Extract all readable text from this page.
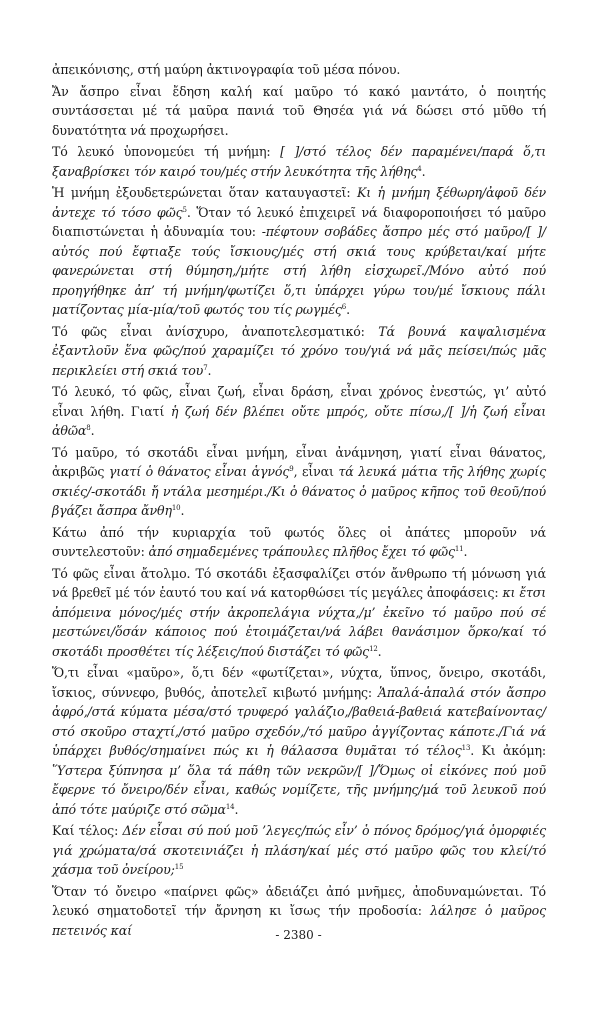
ἀπεικόνισης, στή μαύρη ἀκτινογραφία τοῦ μέσα πόνου.

Ἄν ἄσπρο εἶναι ἔδηση καλή καί μαῦρο τό κακό μαντάτο, ὁ ποιητής συντάσσεται μέ τά μαῦρα πανιά τοῦ Θησέα γιά νά δώσει στό μῦθο τή δυνατότητα νά προχωρήσει.

Τό λευκό ὑπονομεύει τή μνήμη: [ ]/στό τέλος δέν παραμένει/παρά ὅ,τι ξαναβρίσκει τόν καιρό του/μές στήν λευκότητα τῆς λήθης$^4$.

Ἡ μνήμη ἐξουδετερώνεται ὅταν καταυγαστεῖ: Κι ἡ μνήμη ξέθωρη/ἀφοῦ δέν ἀντεχε τό τόσο φῶς$^5$. Ὅταν τό λευκό ἐπιχειρεῖ νά διαφοροποιήσει τό μαῦρο διαπιστώνεται ἡ ἀδυναμία του: -πέφτουν σοβάδες ἄσπρο μές στό μαῦρο/[ ]/αὐτός πού ἔφτιαξε τούς ἴσκιους/μές στή σκιά τους κρύβεται/καί μήτε φανερώνεται στή θύμηση,/μήτε στή λήθη εἰσχωρεῖ./Μόνο αὐτό πού προηγήθηκε ἀπ’ τή μνήμη/φωτίζει ὅ,τι ὑπάρχει γύρω του/μέ ἴσκιους πάλι ματίζοντας μία-μία/τοῦ φωτός του τίς ρωγμές$^6$.

Τό φῶς εἶναι ἀνίσχυρο, ἀναποτελεσματικό: Τά βουνά καψαλισμένα ἐξαντλοῦν ἕνα φῶς/πού χαραμίζει τό χρόνο του/γιά νά μᾶς πείσει/πώς μᾶς περικλείει στή σκιά του$^7$.

Τό λευκό, τό φῶς, εἶναι ζωή, εἶναι δράση, εἶναι χρόνος ἐνεστώς, γι’ αὐτό εἶναι λήθη. Γιατί ἡ ζωή δέν βλέπει οὔτε μπρός, οὔτε πίσω,/[ ]/ἡ ζωή εἶναι ἀθῶα$^8$.

Τό μαῦρο, τό σκοτάδι εἶναι μνήμη, εἶναι ἀνάμνηση, γιατί εἶναι θάνατος, ἀκριβῶς γιατί ὁ θάνατος εἶναι ἁγνός$^9$, εἶναι τά λευκά μάτια τῆς λήθης χωρίς σκιές/-σκοτάδι ἤ ντάλα μεσημέρι./Κι ὁ θάνατος ὁ μαῦρος κῆπος τοῦ θεοῦ/πού βγάζει ἄσπρα ἄνθη$^{10}$.

Κάτω ἀπό τήν κυριαρχία τοῦ φωτός ὅλες οἱ ἀπάτες μποροῦν νά συντελεστοῦν: ἀπό σημαδεμένες τράπουλες πλῆθος ἔχει τό φῶς$^{11}$.

Τό φῶς εἶναι ἄτολμο. Τό σκοτάδι ἐξασφαλίζει στόν ἄνθρωπο τή μόνωση γιά νά βρεθεῖ μέ τόν ἑαυτό του καί νά κατορθώσει τίς μεγάλες ἀποφάσεις: κι ἔτσι ἀπόμεινα μόνος/μές στήν ἀκροπελάγια νύχτα,/μ’ ἐκεῖνο τό μαῦρο πού σέ μεστώνει/ὅσάν κάποιος πού ἑτοιμάζεται/νά λάβει θανάσιμον ὅρκο/καί τό σκοτάδι προσθέτει τίς λέξεις/πού διστάζει τό φῶς$^{12}$.

Ὅ,τι εἶναι «μαῦρο», ὅ,τι δέν «φωτίζεται», νύχτα, ὕπνος, ὄνειρο, σκοτάδι, ἴσκιος, σύννεφο, βυθός, ἀποτελεῖ κιβωτό μνήμης: Ἁπαλά-ἁπαλά στόν ἄσπρο ἀφρό,/στά κύματα μέσα/στό τρυφερό γαλάζιο,/βαθειά-βαθειά κατεβαίνοντας/στό σκοῦρο σταχτί,/στό μαῦρο σχεδόν,/τό μαῦρο ἀγγίζοντας κάποτε./Γιά νά ὑπάρχει βυθός/σημαίνει πώς κι ἡ θάλασσα θυμᾶται τό τέλος$^{13}$. Κι ἀκόμη: Ὕστερα ξύπνησα μ’ ὅλα τά πάθη τῶν νεκρῶν/[ ]/Ὅμως οἱ εἰκόνες πού μοῦ ἔφερνε τό ὄνειρο/δέν εἶναι, καθώς νομίζετε, τῆς μνήμης/μά τοῦ λευκοῦ πού ἀπό τότε μαύριζε στό σῶμα$^{14}$.

Καί τέλος: Δέν εἶσαι σύ πού μοῦ ’λεγες/πώς εἶν’ ὁ πόνος δρόμος/γιά ὁμορφιές γιά χρώματα/σά σκοτεινιάζει ἡ πλάση/καί μές στό μαῦρο φῶς του κλεί/τό χάσμα τοῦ ὀνείρου;$^{15}$

Ὅταν τό ὄνειρο «παίρνει φῶς» ἀδειάζει ἀπό μνῆμες, ἀποδυναμώνεται. Τό λευκό σηματοδοτεῖ τήν ἄρνηση κι ἴσως τήν προδοσία: λάλησε ὁ μαῦρος πετεινός καί	- 2380 -
